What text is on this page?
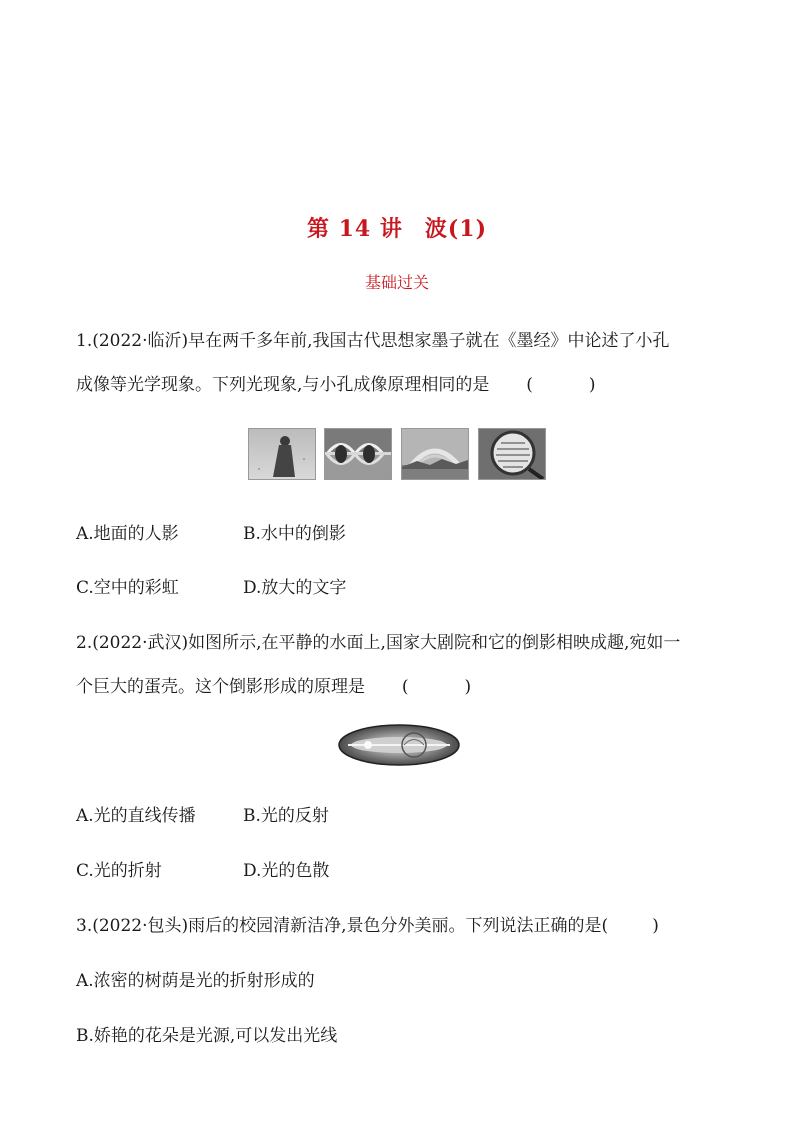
第 14 讲 波(1)
基础过关
1.(2022·临沂)早在两千多年前,我国古代思想家墨子就在《墨经》中论述了小孔
成像等光学现象。下列光现象,与小孔成像原理相同的是 (	)
A.地面的人影	B.水中的倒影
C.空中的彩虹	D.放大的文字
2.(2022·武汉)如图所示,在平静的水面上,国家大剧院和它的倒影相映成趣,宛如一
个巨大的蛋壳。这个倒影形成的原理是 (	)
A.光的直线传播	B.光的反射
C.光的折射	D.光的色散
3.(2022·包头)雨后的校园清新洁净,景色分外美丽。下列说法正确的是(	)
A.浓密的树荫是光的折射形成的
B.娇艳的花朵是光源,可以发出光线
